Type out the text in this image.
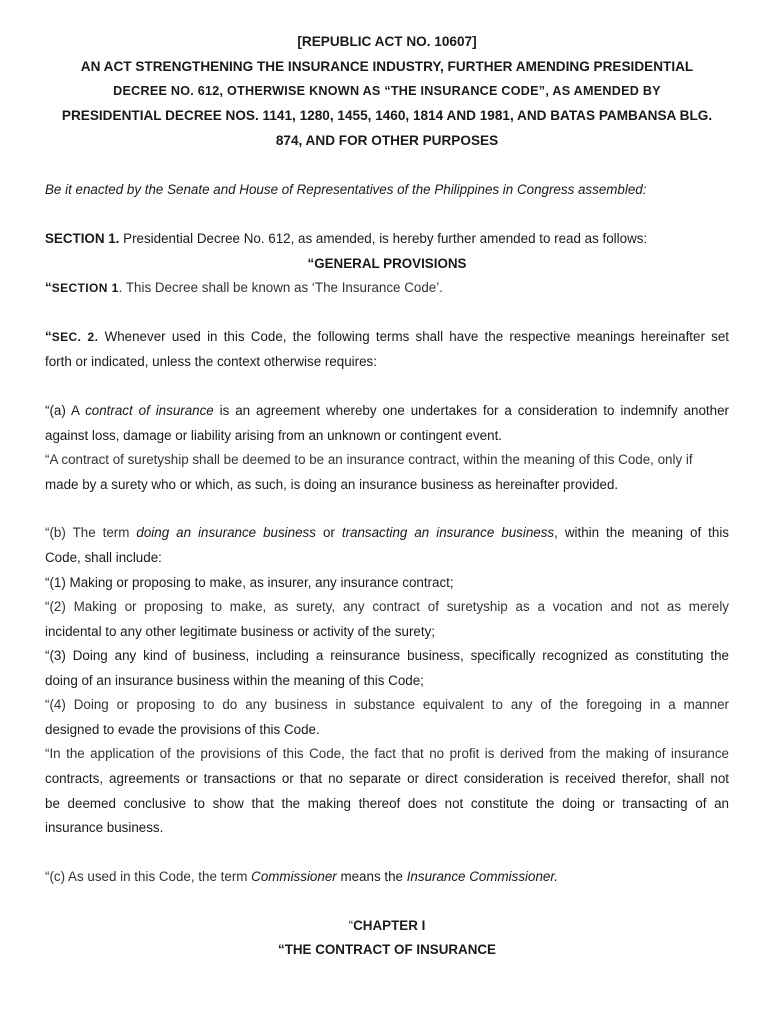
[REPUBLIC ACT NO. 10607]
AN ACT STRENGTHENING THE INSURANCE INDUSTRY, FURTHER AMENDING PRESIDENTIAL
DECREE NO. 612, OTHERWISE KNOWN AS “THE INSURANCE CODE”, AS AMENDED BY
PRESIDENTIAL DECREE NOS. 1141, 1280, 1455, 1460, 1814 AND 1981, AND BATAS PAMBANSA BLG.
874, AND FOR OTHER PURPOSES
Be it enacted by the Senate and House of Representatives of the Philippines in Congress assembled:
SECTION 1. Presidential Decree No. 612, as amended, is hereby further amended to read as follows:
“GENERAL PROVISIONS
“SECTION 1. This Decree shall be known as ‘The Insurance Code’.
“SEC. 2. Whenever used in this Code, the following terms shall have the respective meanings hereinafter set
forth or indicated, unless the context otherwise requires:
“(a) A contract of insurance is an agreement whereby one undertakes for a consideration to indemnify another
against loss, damage or liability arising from an unknown or contingent event.
“A contract of suretyship shall be deemed to be an insurance contract, within the meaning of this Code, only if
made by a surety who or which, as such, is doing an insurance business as hereinafter provided.
“(b) The term doing an insurance business or transacting an insurance business, within the meaning of this
Code, shall include:
“(1) Making or proposing to make, as insurer, any insurance contract;
“(2) Making or proposing to make, as surety, any contract of suretyship as a vocation and not as merely
incidental to any other legitimate business or activity of the surety;
“(3) Doing any kind of business, including a reinsurance business, specifically recognized as constituting the
doing of an insurance business within the meaning of this Code;
“(4) Doing or proposing to do any business in substance equivalent to any of the foregoing in a manner
designed to evade the provisions of this Code.
“In the application of the provisions of this Code, the fact that no profit is derived from the making of insurance
contracts, agreements or transactions or that no separate or direct consideration is received therefor, shall not
be deemed conclusive to show that the making thereof does not constitute the doing or transacting of an
insurance business.
“(c) As used in this Code, the term Commissioner means the Insurance Commissioner.
“CHAPTER I
“THE CONTRACT OF INSURANCE
